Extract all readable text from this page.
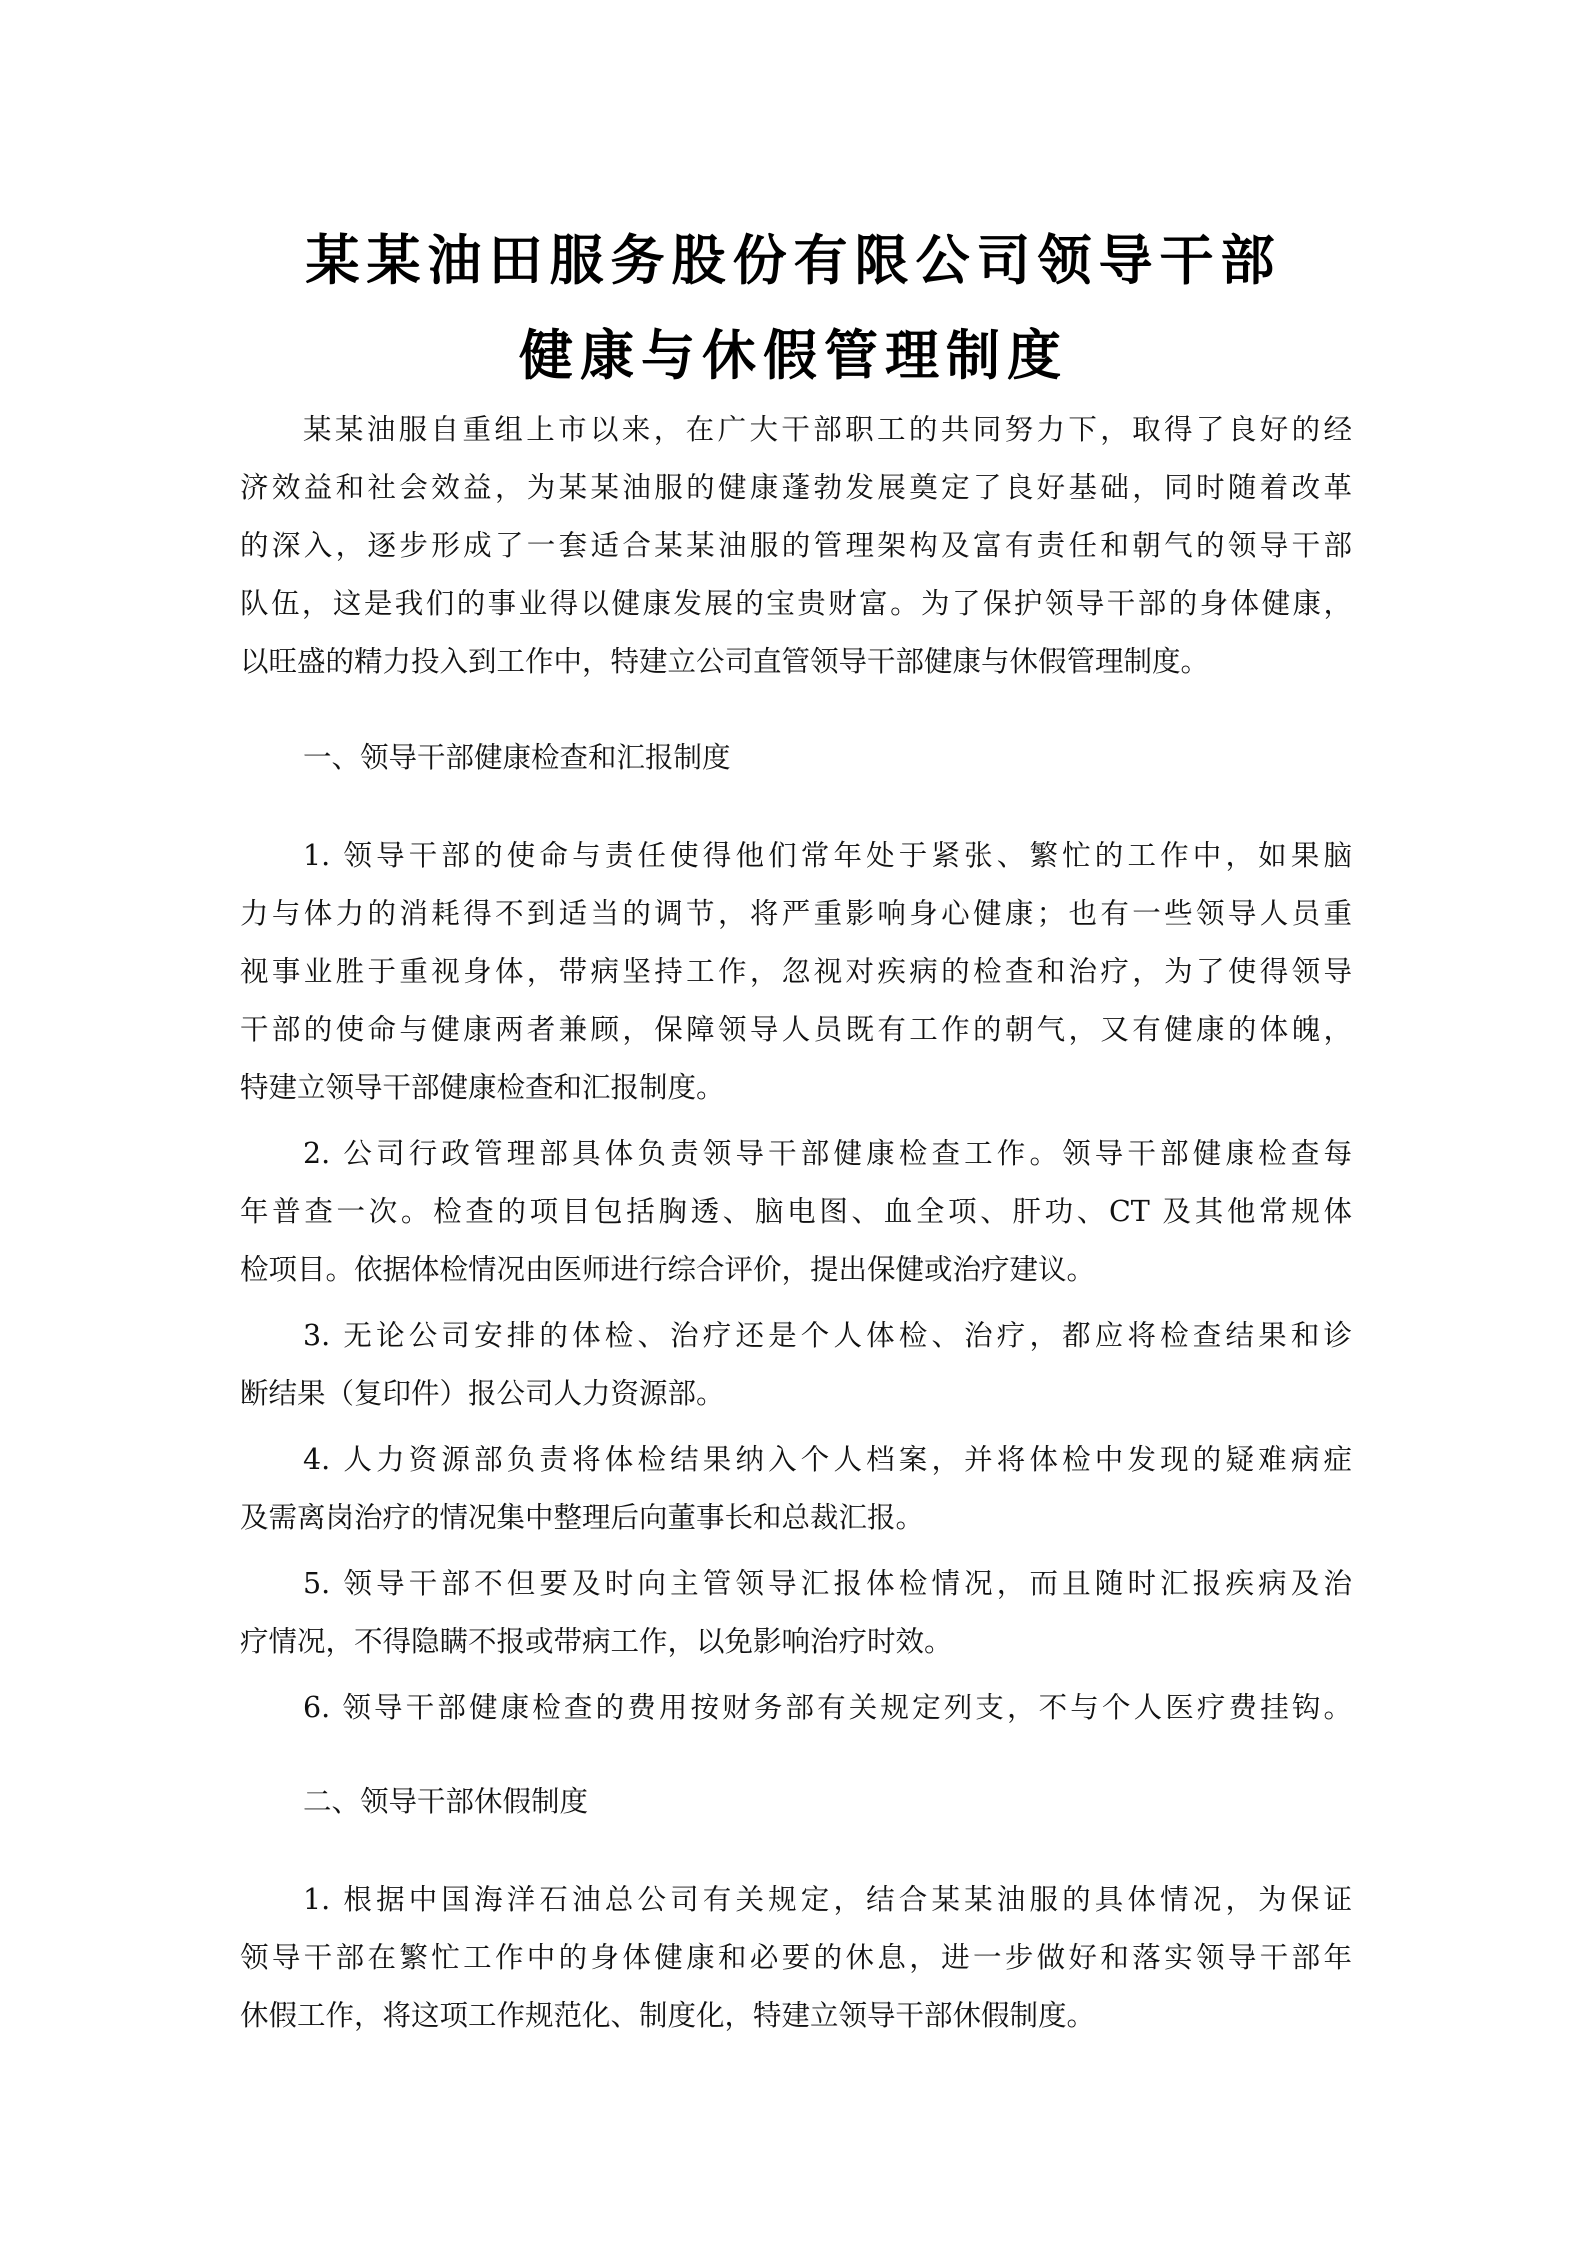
某某油田服务股份有限公司领导干部
健康与休假管理制度
某某油服自重组上市以来，在广大干部职工的共同努力下，取得了良好的经
济效益和社会效益，为某某油服的健康蓬勃发展奠定了良好基础，同时随着改革
的深入，逐步形成了一套适合某某油服的管理架构及富有责任和朝气的领导干部
队伍，这是我们的事业得以健康发展的宝贵财富。为了保护领导干部的身体健康，
以旺盛的精力投入到工作中，特建立公司直管领导干部健康与休假管理制度。
一、领导干部健康检查和汇报制度
1. 领导干部的使命与责任使得他们常年处于紧张、繁忙的工作中，如果脑
力与体力的消耗得不到适当的调节，将严重影响身心健康；也有一些领导人员重
视事业胜于重视身体，带病坚持工作，忽视对疾病的检查和治疗，为了使得领导
干部的使命与健康两者兼顾，保障领导人员既有工作的朝气，又有健康的体魄，
特建立领导干部健康检查和汇报制度。
2. 公司行政管理部具体负责领导干部健康检查工作。领导干部健康检查每
年普查一次。检查的项目包括胸透、脑电图、血全项、肝功、CT 及其他常规体
检项目。依据体检情况由医师进行综合评价，提出保健或治疗建议。
3. 无论公司安排的体检、治疗还是个人体检、治疗，都应将检查结果和诊
断结果（复印件）报公司人力资源部。
4. 人力资源部负责将体检结果纳入个人档案，并将体检中发现的疑难病症
及需离岗治疗的情况集中整理后向董事长和总裁汇报。
5. 领导干部不但要及时向主管领导汇报体检情况，而且随时汇报疾病及治
疗情况，不得隐瞒不报或带病工作，以免影响治疗时效。
6. 领导干部健康检查的费用按财务部有关规定列支，不与个人医疗费挂钩。
二、领导干部休假制度
1. 根据中国海洋石油总公司有关规定，结合某某油服的具体情况，为保证
领导干部在繁忙工作中的身体健康和必要的休息，进一步做好和落实领导干部年
休假工作，将这项工作规范化、制度化，特建立领导干部休假制度。
